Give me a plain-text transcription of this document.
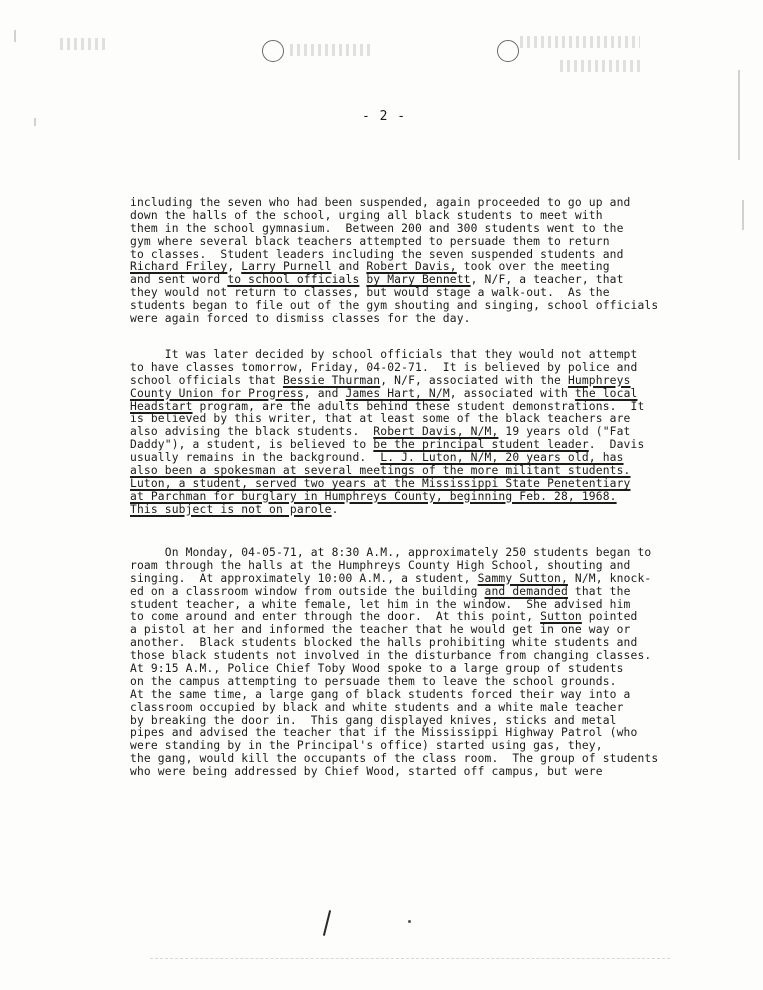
- 2 -
including the seven who had been suspended, again proceeded to go up and
down the halls of the school, urging all black students to meet with
them in the school gymnasium.  Between 200 and 300 students went to the
gym where several black teachers attempted to persuade them to return
to classes.  Student leaders including the seven suspended students and
Richard Friley, Larry Purnell and Robert Davis, took over the meeting
and sent word to school officials by Mary Bennett, N/F, a teacher, that
they would not return to classes, but would stage a walk-out.  As the
students began to file out of the gym shouting and singing, school officials
were again forced to dismiss classes for the day.
It was later decided by school officials that they would not attempt
to have classes tomorrow, Friday, 04-02-71.  It is believed by police and
school officials that Bessie Thurman, N/F, associated with the Humphreys
County Union for Progress, and James Hart, N/M, associated with the local
Headstart program, are the adults behind these student demonstrations.  It
is believed by this writer, that at least some of the black teachers are
also advising the black students.  Robert Davis, N/M, 19 years old ("Fat
Daddy"), a student, is believed to be the principal student leader.  Davis
usually remains in the background.  L. J. Luton, N/M, 20 years old, has
also been a spokesman at several meetings of the more militant students.
Luton, a student, served two years at the Mississippi State Penetentiary
at Parchman for burglary in Humphreys County, beginning Feb. 28, 1968.
This subject is not on parole.
On Monday, 04-05-71, at 8:30 A.M., approximately 250 students began to
roam through the halls at the Humphreys County High School, shouting and
singing.  At approximately 10:00 A.M., a student, Sammy Sutton, N/M, knock-
ed on a classroom window from outside the building and demanded that the
student teacher, a white female, let him in the window.  She advised him
to come around and enter through the door.  At this point, Sutton pointed
a pistol at her and informed the teacher that he would get in one way or
another.  Black students blocked the halls prohibiting white students and
those black students not involved in the disturbance from changing classes.
At 9:15 A.M., Police Chief Toby Wood spoke to a large group of students
on the campus attempting to persuade them to leave the school grounds.
At the same time, a large gang of black students forced their way into a
classroom occupied by black and white students and a white male teacher
by breaking the door in.  This gang displayed knives, sticks and metal
pipes and advised the teacher that if the Mississippi Highway Patrol (who
were standing by in the Principal's office) started using gas, they,
the gang, would kill the occupants of the class room.  The group of students
who were being addressed by Chief Wood, started off campus, but were
